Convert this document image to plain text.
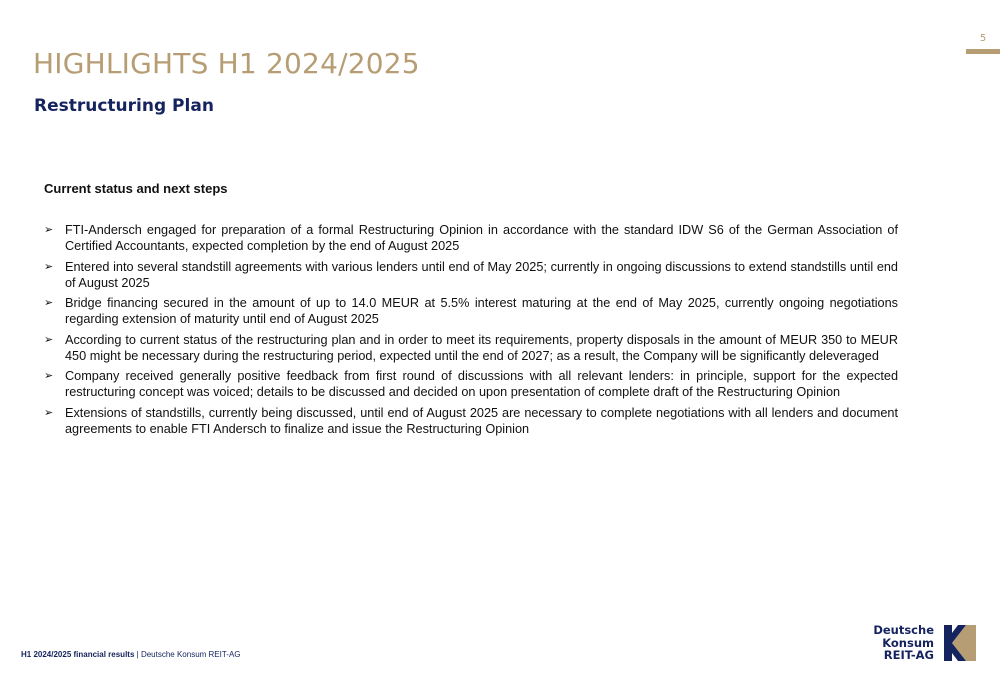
5
HIGHLIGHTS H1 2024/2025
Restructuring Plan
Current status and next steps
➢ FTI-Andersch engaged for preparation of a formal Restructuring Opinion in accordance with the standard IDW S6 of the German Association of Certified Accountants, expected completion by the end of August 2025
➢ Entered into several standstill agreements with various lenders until end of May 2025; currently in ongoing discussions to extend standstills until end of August 2025
➢ Bridge financing secured in the amount of up to 14.0 MEUR at 5.5% interest maturing at the end of May 2025, currently ongoing negotiations regarding extension of maturity until end of August 2025
➢ According to current status of the restructuring plan and in order to meet its requirements, property disposals in the amount of MEUR 350 to MEUR 450 might be necessary during the restructuring period, expected until the end of 2027; as a result, the Company will be significantly deleveraged
➢ Company received generally positive feedback from first round of discussions with all relevant lenders: in principle, support for the expected restructuring concept was voiced; details to be discussed and decided on upon presentation of complete draft of the Restructuring Opinion
➢ Extensions of standstills, currently being discussed, until end of August 2025 are necessary to complete negotiations with all lenders and document agreements to enable FTI Andersch to finalize and issue the Restructuring Opinion
H1 2024/2025 financial results | Deutsche Konsum REIT-AG
Deutsche
Konsum
REIT-AG
